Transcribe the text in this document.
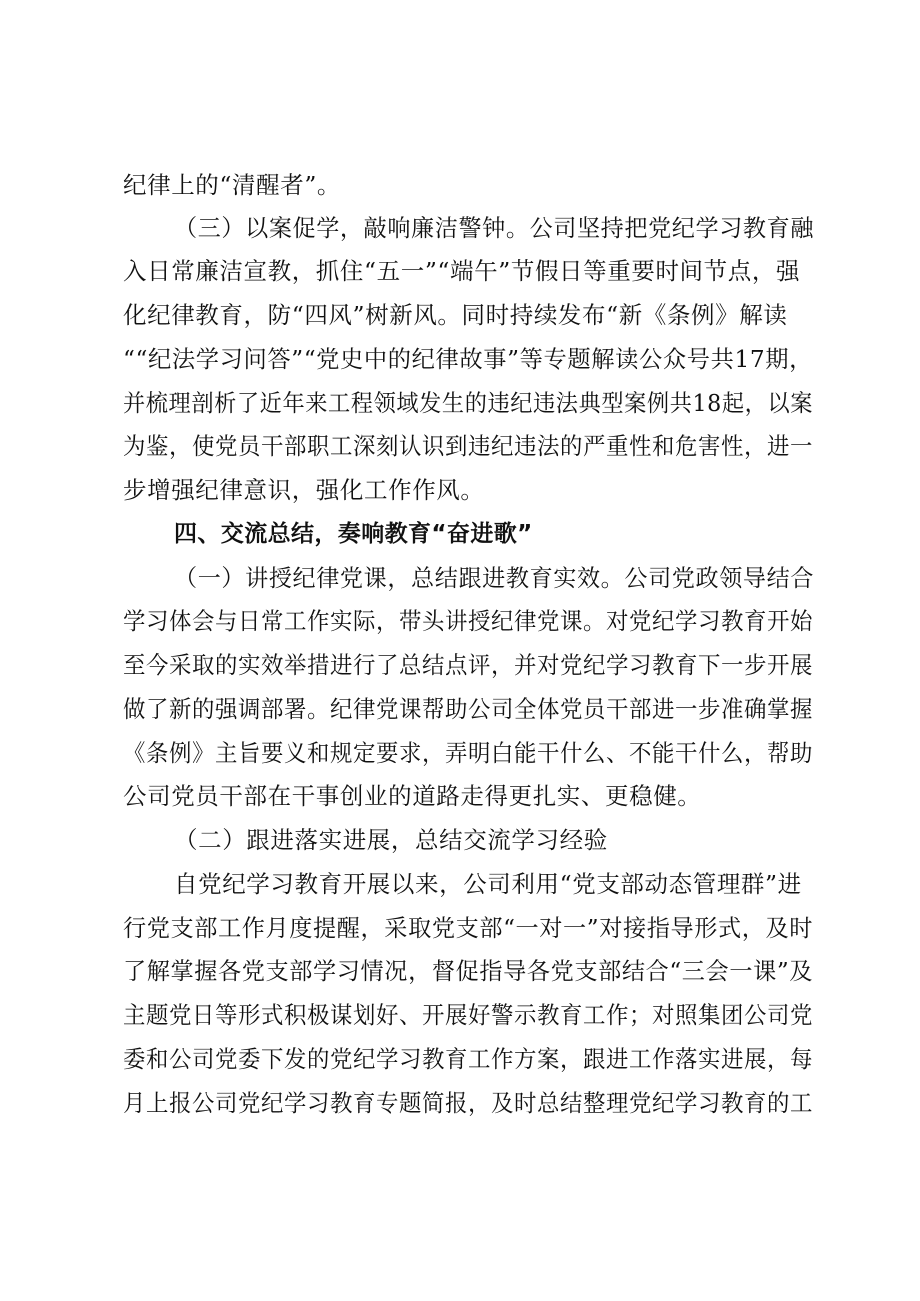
纪律上的“清醒者”。
（三）以案促学，敲响廉洁警钟。公司坚持把党纪学习教育融
入日常廉洁宣教，抓住“五一”“端午”节假日等重要时间节点，强
化纪律教育，防“四风”树新风。同时持续发布“新《条例》解读
““纪法学习问答”“党史中的纪律故事”等专题解读公众号共17期，
并梳理剖析了近年来工程领域发生的违纪违法典型案例共18起，以案
为鉴，使党员干部职工深刻认识到违纪违法的严重性和危害性，进一
步增强纪律意识，强化工作作风。
四、交流总结，奏响教育“奋进歌”
（一）讲授纪律党课，总结跟进教育实效。公司党政领导结合
学习体会与日常工作实际，带头讲授纪律党课。对党纪学习教育开始
至今采取的实效举措进行了总结点评，并对党纪学习教育下一步开展
做了新的强调部署。纪律党课帮助公司全体党员干部进一步准确掌握
《条例》主旨要义和规定要求，弄明白能干什么、不能干什么，帮助
公司党员干部在干事创业的道路走得更扎实、更稳健。
（二）跟进落实进展，总结交流学习经验
自党纪学习教育开展以来，公司利用“党支部动态管理群”进
行党支部工作月度提醒，采取党支部“一对一”对接指导形式，及时
了解掌握各党支部学习情况，督促指导各党支部结合“三会一课”及
主题党日等形式积极谋划好、开展好警示教育工作；对照集团公司党
委和公司党委下发的党纪学习教育工作方案，跟进工作落实进展，每
月上报公司党纪学习教育专题简报，及时总结整理党纪学习教育的工
